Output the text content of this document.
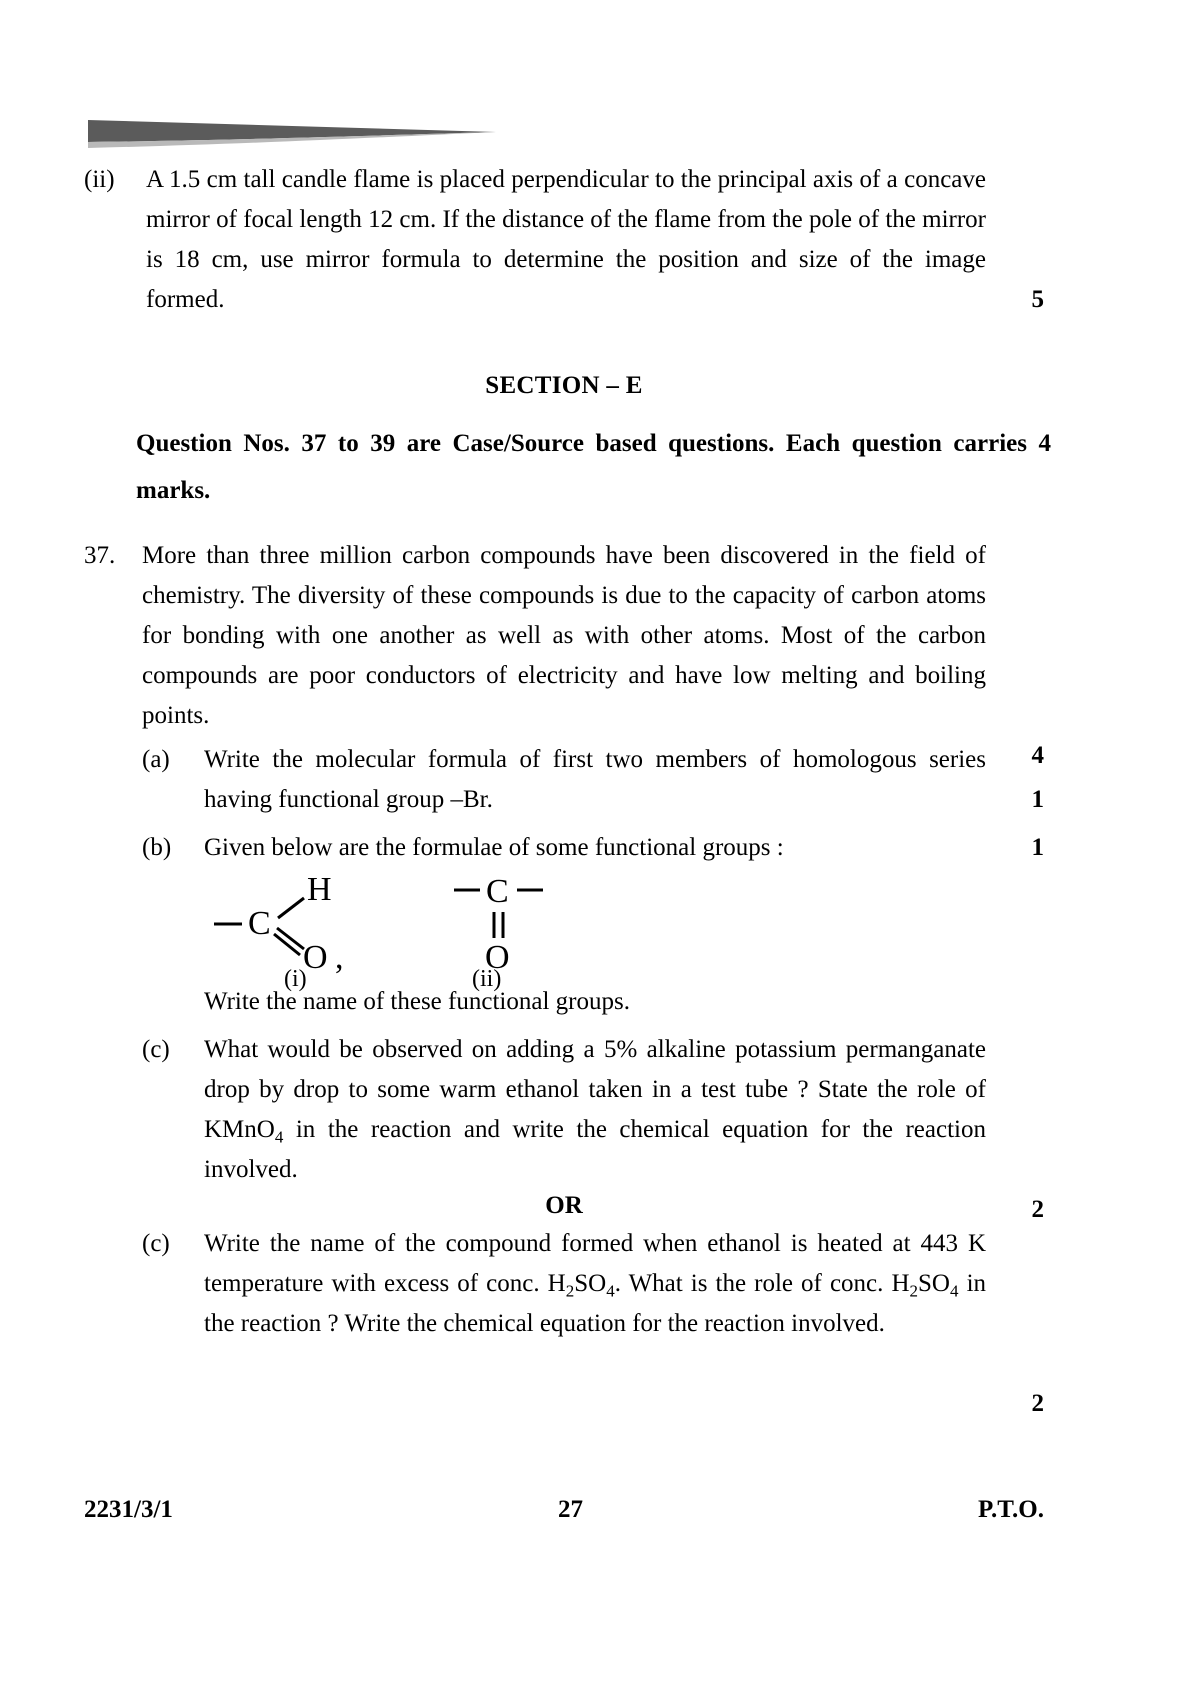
(ii)	A 1.5 cm tall candle flame is placed perpendicular to the principal axis of a concave mirror of focal length 12 cm. If the distance of the flame from the pole of the mirror is 18 cm, use mirror formula to determine the position and size of the image formed.	5
SECTION – E
Question Nos. 37 to 39 are Case/Source based questions. Each question carries 4 marks.
37.	More than three million carbon compounds have been discovered in the field of chemistry. The diversity of these compounds is due to the capacity of carbon atoms for bonding with one another as well as with other atoms. Most of the carbon compounds are poor conductors of electricity and have low melting and boiling points.
4
(a)	Write the molecular formula of first two members of homologous series having functional group –Br.	1
(b)	Given below are the formulae of some functional groups :	1
C
H
O ,
C
O
(i)	(ii)
Write the name of these functional groups.
(c)	What would be observed on adding a 5% alkaline potassium permanganate drop by drop to some warm ethanol taken in a test tube ? State the role of KMnO$_4$ in the reaction and write the chemical equation for the reaction involved.
2
OR
(c)	Write the name of the compound formed when ethanol is heated at 443 K temperature with excess of conc. $H_2SO_4$. What is the role of conc. $H_2SO_4$ in the reaction ? Write the chemical equation for the reaction involved.
2
2231/3/1	27	P.T.O.
